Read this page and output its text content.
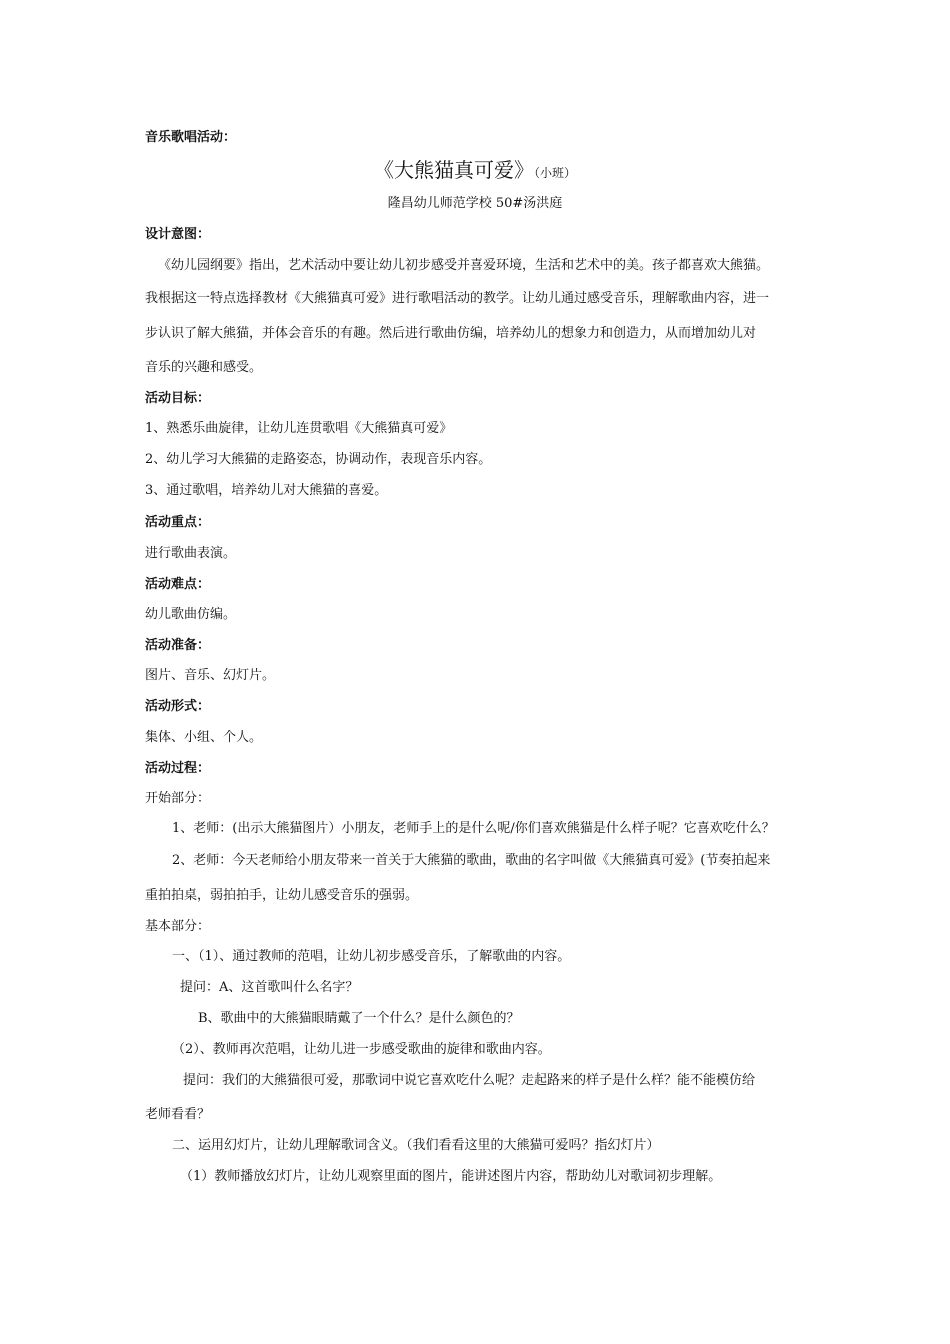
音乐歌唱活动：
《大熊猫真可爱》（小班）
隆昌幼儿师范学校 50#汤洪庭
设计意图：
《幼儿园纲要》指出，艺术活动中要让幼儿初步感受并喜爱环境，生活和艺术中的美。孩子都喜欢大熊猫。
我根据这一特点选择教材《大熊猫真可爱》进行歌唱活动的教学。让幼儿通过感受音乐，理解歌曲内容，进一
步认识了解大熊猫，并体会音乐的有趣。然后进行歌曲仿编，培养幼儿的想象力和创造力，从而增加幼儿对
音乐的兴趣和感受。
活动目标：
1、熟悉乐曲旋律，让幼儿连贯歌唱《大熊猫真可爱》
2、幼儿学习大熊猫的走路姿态，协调动作，表现音乐内容。
3、通过歌唱，培养幼儿对大熊猫的喜爱。
活动重点：
进行歌曲表演。
活动难点：
幼儿歌曲仿编。
活动准备：
图片、音乐、幻灯片。
活动形式：
集体、小组、个人。
活动过程：
开始部分：
1、老师：(出示大熊猫图片）小朋友，老师手上的是什么呢/你们喜欢熊猫是什么样子呢？它喜欢吃什么？
2、老师：今天老师给小朋友带来一首关于大熊猫的歌曲，歌曲的名字叫做《大熊猫真可爱》(节奏拍起来
重拍拍桌，弱拍拍手，让幼儿感受音乐的强弱。
基本部分：
一、（1）、通过教师的范唱，让幼儿初步感受音乐，了解歌曲的内容。
提问：A、这首歌叫什么名字？
B、歌曲中的大熊猫眼睛戴了一个什么？是什么颜色的？
（2）、教师再次范唱，让幼儿进一步感受歌曲的旋律和歌曲内容。
提问：我们的大熊猫很可爱，那歌词中说它喜欢吃什么呢？走起路来的样子是什么样？能不能模仿给
老师看看？
二、运用幻灯片，让幼儿理解歌词含义。（我们看看这里的大熊猫可爱吗？指幻灯片）
（1）教师播放幻灯片，让幼儿观察里面的图片，能讲述图片内容，帮助幼儿对歌词初步理解。
